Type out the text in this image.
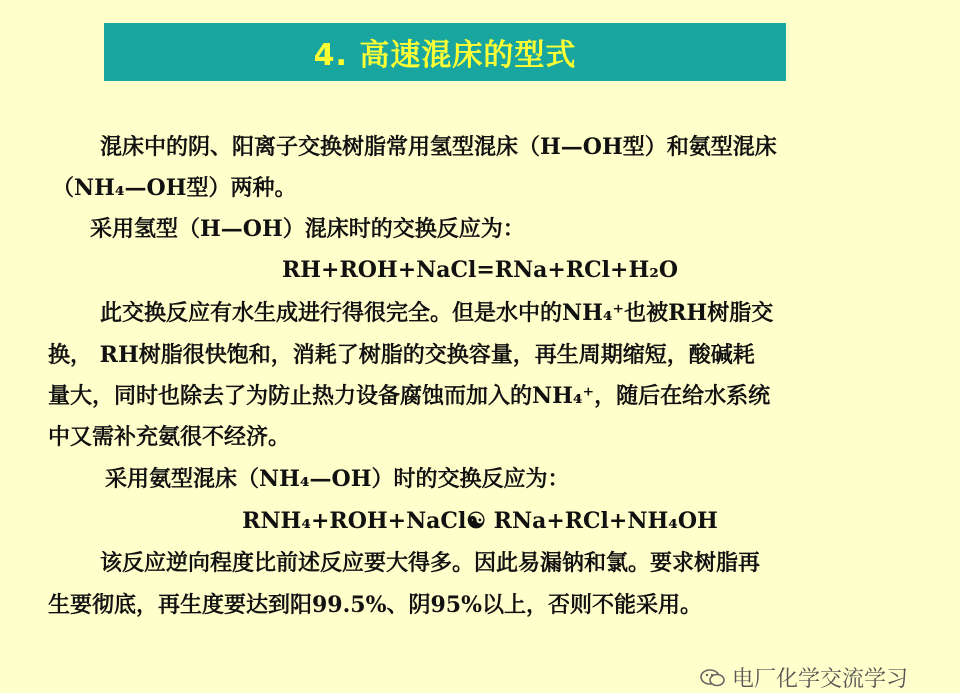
4. 高速混床的型式
混床中的阴、阳离子交换树脂常用氢型混床（H—OH型）和氨型混床
（NH₄—OH型）两种。
采用氢型（H—OH）混床时的交换反应为：
RH+ROH+NaCl=RNa+RCl+H₂O
此交换反应有水生成进行得很完全。但是水中的NH₄⁺也被RH树脂交
换， RH树脂很快饱和，消耗了树脂的交换容量，再生周期缩短，酸碱耗
量大，同时也除去了为防止热力设备腐蚀而加入的NH₄⁺，随后在给水系统
中又需补充氨很不经济。
采用氨型混床（NH₄—OH）时的交换反应为：
RNH₄+ROH+NaCl☯ RNa+RCl+NH₄OH
该反应逆向程度比前述反应要大得多。因此易漏钠和氯。要求树脂再
生要彻底，再生度要达到阳99.5%、阴95%以上，否则不能采用。
电厂化学交流学习
